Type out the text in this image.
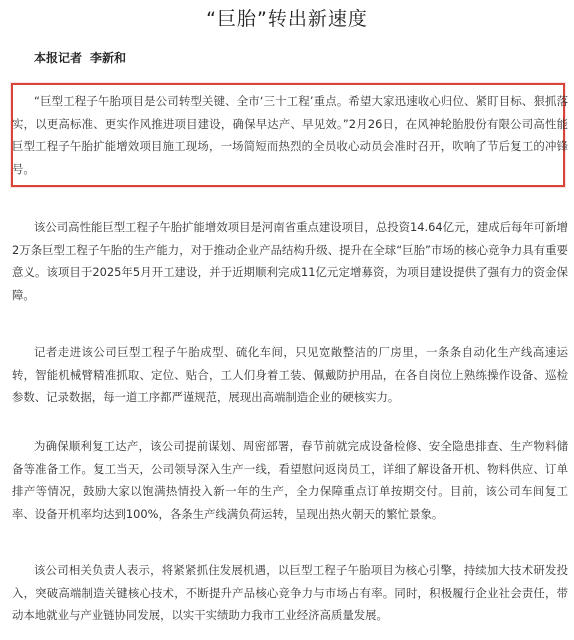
“巨胎”转出新速度
本报记者 李新和

“巨型工程子午胎项目是公司转型关键、全市‘三十工程’重点。希望大家迅速收心归位、紧盯目标、狠抓落实，以更高标准、更实作风推进项目建设，确保早达产、早见效。”2月26日，在风神轮胎股份有限公司高性能巨型工程子午胎扩能增效项目施工现场，一场简短而热烈的全员收心动员会准时召开，吹响了节后复工的冲锋号。

该公司高性能巨型工程子午胎扩能增效项目是河南省重点建设项目，总投资14.64亿元，建成后每年可新增2万条巨型工程子午胎的生产能力，对于推动企业产品结构升级、提升在全球“巨胎”市场的核心竞争力具有重要意义。该项目于2025年5月开工建设，并于近期顺利完成11亿元定增募资，为项目建设提供了强有力的资金保障。

记者走进该公司巨型工程子午胎成型、硫化车间，只见宽敞整洁的厂房里，一条条自动化生产线高速运转，智能机械臂精准抓取、定位、贴合，工人们身着工装、佩戴防护用品，在各自岗位上熟练操作设备、巡检参数、记录数据，每一道工序都严谨规范，展现出高端制造企业的硬核实力。

为确保顺利复工达产，该公司提前谋划、周密部署，春节前就完成设备检修、安全隐患排查、生产物料储备等准备工作。复工当天，公司领导深入生产一线，看望慰问返岗员工，详细了解设备开机、物料供应、订单排产等情况，鼓励大家以饱满热情投入新一年的生产，全力保障重点订单按期交付。目前，该公司车间复工率、设备开机率均达到100%，各条生产线满负荷运转，呈现出热火朝天的繁忙景象。

该公司相关负责人表示，将紧紧抓住发展机遇，以巨型工程子午胎项目为核心引擎，持续加大技术研发投入，突破高端制造关键核心技术，不断提升产品核心竞争力与市场占有率。同时，积极履行企业社会责任，带动本地就业与产业链协同发展，以实干实绩助力我市工业经济高质量发展。
